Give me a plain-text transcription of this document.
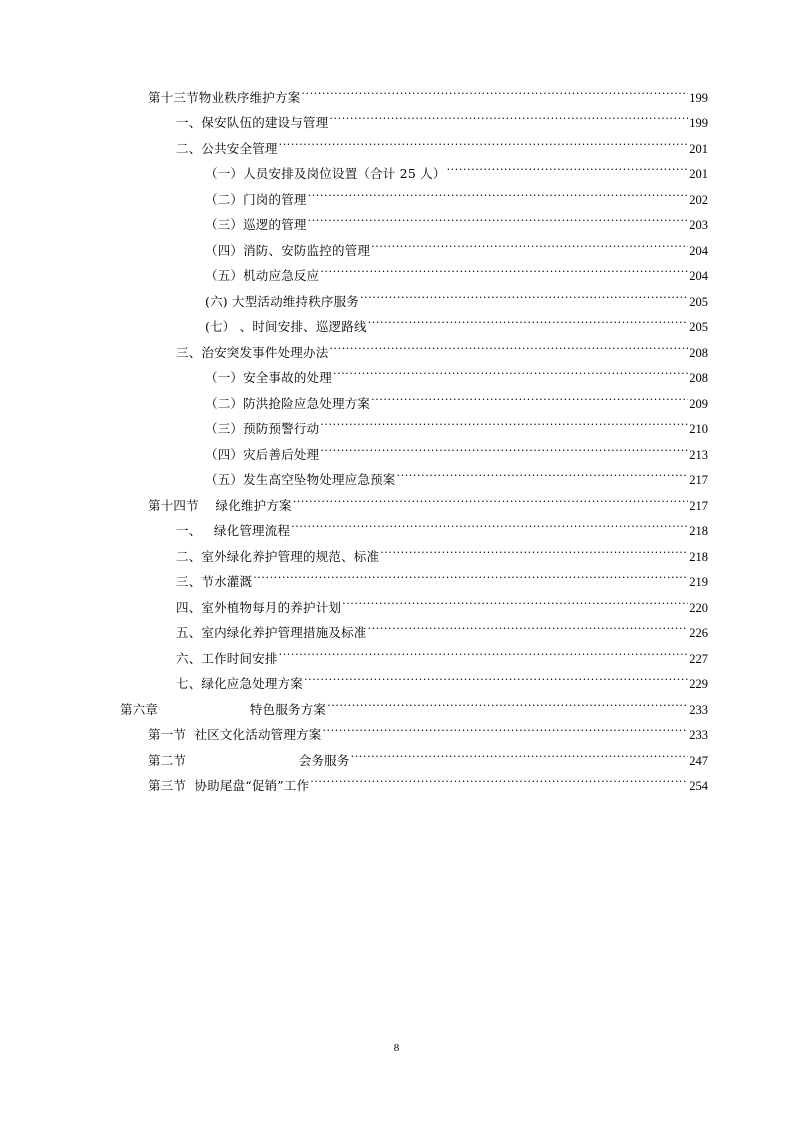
第十三节物业秩序维护方案 .....	199
一、保安队伍的建设与管理 .....	199
二、公共安全管理 .....	201
（一）人员安排及岗位设置（合计 25 人） .....	201
（二）门岗的管理 .....	202
（三）巡逻的管理 .....	203
（四）消防、安防监控的管理 .....	204
（五）机动应急反应 .....	204
(六) 大型活动维持秩序服务 .....	205
(七） 、时间安排、巡逻路线 .....	205
三、治安突发事件处理办法 .....	208
（一）安全事故的处理 .....	208
（二）防洪抢险应急处理方案 .....	209
（三）预防预警行动 .....	210
（四）灾后善后处理 .....	213
（五）发生高空坠物处理应急预案 .....	217
第十四节    绿化维护方案 .....	217
一、   绿化管理流程 .....	218
二、室外绿化养护管理的规范、标准 .....	218
三、节水灌溉 .....	219
四、室外植物每月的养护计划 .....	220
五、室内绿化养护管理措施及标准 .....	226
六、工作时间安排 .....	227
七、绿化应急处理方案 .....	229
第六章                      特色服务方案 .....	233
第一节  社区文化活动管理方案 .....	233
第二节                           会务服务 .....	247
第三节  协助尾盘“促销”工作 .....	254
8
